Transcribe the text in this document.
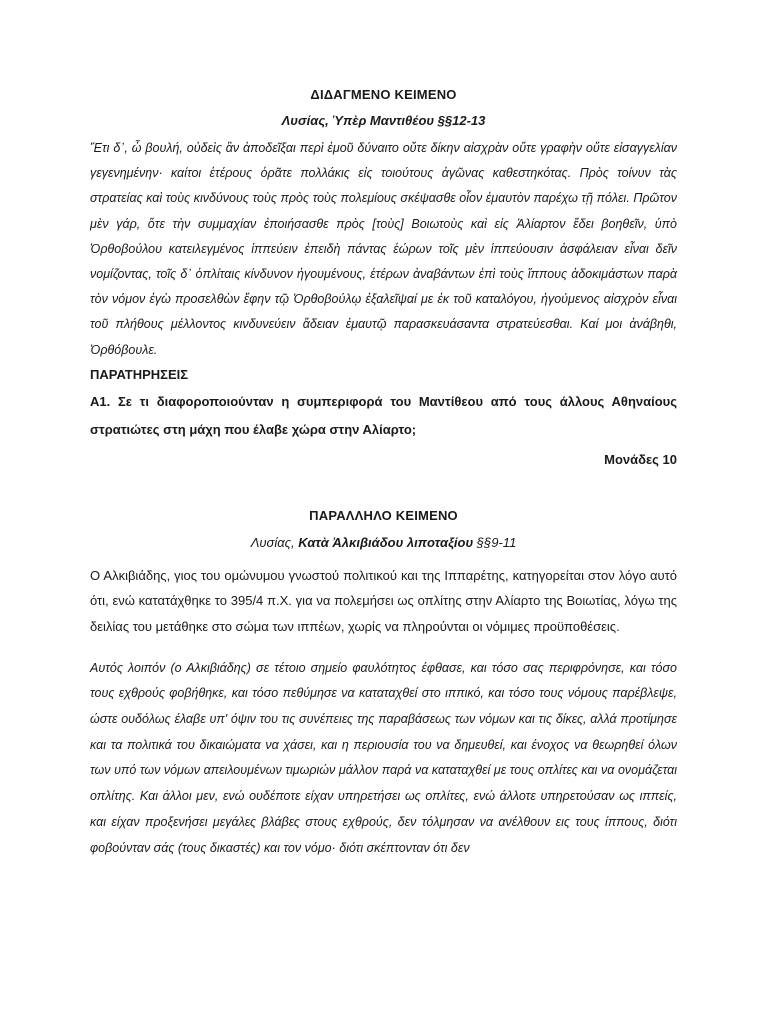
ΔΙΔΑΓΜΕΝΟ ΚΕΙΜΕΝΟ
Λυσίας, Ὑπὲρ Μαντιθέου §§12-13
Ἔτι δ᾽, ὦ βουλή, οὐδεὶς ἂν ἀποδεῖξαι περὶ ἐμοῦ δύναιτο οὔτε δίκην αἰσχρὰν οὔτε γραφὴν οὔτε εἰσαγγελίαν γεγενημένην· καίτοι ἑτέρους ὁρᾶτε πολλάκις εἰς τοιούτους ἀγῶνας καθεστηκότας. Πρὸς τοίνυν τὰς στρατείας καὶ τοὺς κινδύνους τοὺς πρὸς τοὺς πολεμίους σκέψασθε οἷον ἐμαυτὸν παρέχω τῇ πόλει. Πρῶτον μὲν γάρ, ὅτε τὴν συμμαχίαν ἐποιήσασθε πρὸς [τοὺς] Βοιωτοὺς καὶ εἰς Ἁλίαρτον ἔδει βοηθεῖν, ὑπὸ Ὀρθοβούλου κατειλεγμένος ἱππεύειν ἐπειδὴ πάντας ἑώρων τοῖς μὲν ἱππεύουσιν ἀσφάλειαν εἶναι δεῖν νομίζοντας, τοῖς δ᾽ ὁπλίταις κίνδυνον ἡγουμένους, ἑτέρων ἀναβάντων ἐπὶ τοὺς ἵππους ἀδοκιμάστων παρὰ τὸν νόμον ἐγὼ προσελθὼν ἔφην τῷ Ὀρθοβούλῳ ἐξαλεῖψαί με ἐκ τοῦ καταλόγου, ἡγούμενος αἰσχρὸν εἶναι τοῦ πλήθους μέλλοντος κινδυνεύειν ἄδειαν ἐμαυτῷ παρασκευάσαντα στρατεύεσθαι. Καί μοι ἀνάβηθι, Ὀρθόβουλε.
ΠΑΡΑΤΗΡΗΣΕΙΣ
Α1. Σε τι διαφοροποιούνταν η συμπεριφορά του Μαντίθεου από τους άλλους Αθηναίους στρατιώτες στη μάχη που έλαβε χώρα στην Αλίαρτο;
Μονάδες 10
ΠΑΡΑΛΛΗΛΟ ΚΕΙΜΕΝΟ
Λυσίας, Κατὰ Ἀλκιβιάδου λιποταξίου §§9-11
Ο Αλκιβιάδης, γιος του ομώνυμου γνωστού πολιτικού και της Ιππαρέτης, κατηγορείται στον λόγο αυτό ότι, ενώ κατατάχθηκε το 395/4 π.Χ. για να πολεμήσει ως οπλίτης στην Αλίαρτο της Βοιωτίας, λόγω της δειλίας του μετάθηκε στο σώμα των ιππέων, χωρίς να πληρούνται οι νόμιμες προϋποθέσεις.
Αυτός λοιπόν (ο Αλκιβιάδης) σε τέτοιο σημείο φαυλότητος έφθασε, και τόσο σας περιφρόνησε, και τόσο τους εχθρούς φοβήθηκε, και τόσο πεθύμησε να καταταχθεί στο ιππικό, και τόσο τους νόμους παρέβλεψε, ώστε ουδόλως έλαβε υπ' όψιν του τις συνέπειες της παραβάσεως των νόμων και τις δίκες, αλλά προτίμησε και τα πολιτικά του δικαιώματα να χάσει, και η περιουσία του να δημευθεί, και ένοχος να θεωρηθεί όλων των υπό των νόμων απειλουμένων τιμωριών μάλλον παρά να καταταχθεί με τους οπλίτες και να ονομάζεται οπλίτης. Και άλλοι μεν, ενώ ουδέποτε είχαν υπηρετήσει ως οπλίτες, ενώ άλλοτε υπηρετούσαν ως ιππείς, και είχαν προξενήσει μεγάλες βλάβες στους εχθρούς, δεν τόλμησαν να ανέλθουν εις τους ίππους, διότι φοβούνταν σάς (τους δικαστές) και τον νόμο· διότι σκέπτονταν ότι δεν
